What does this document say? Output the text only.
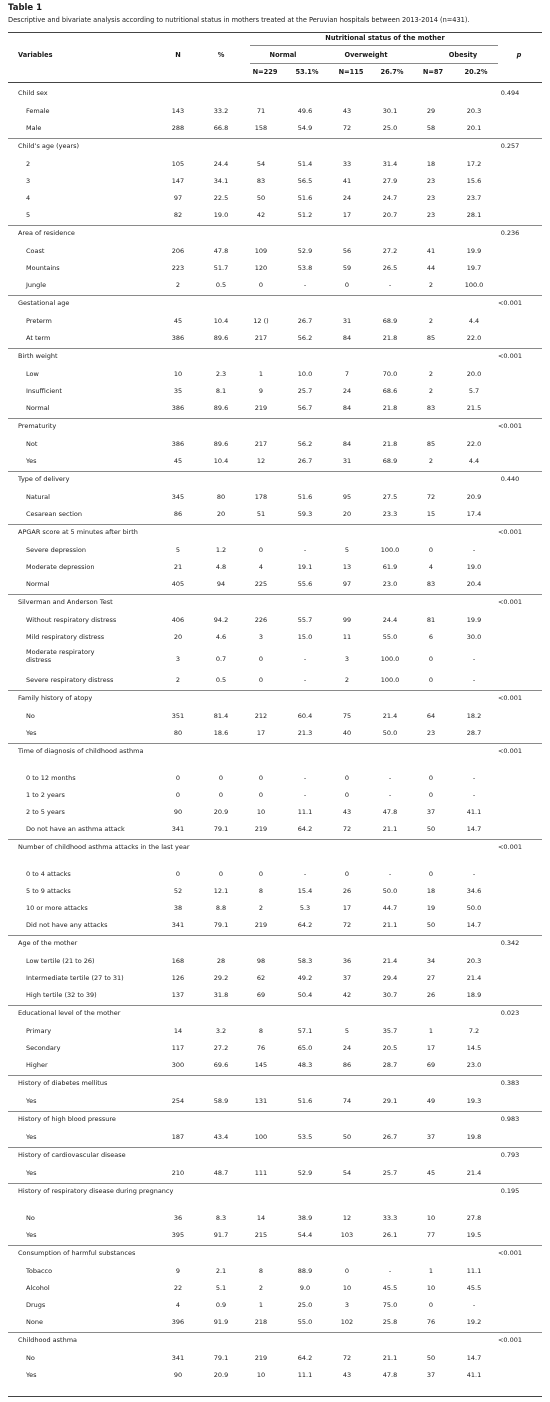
Table 1
Descriptive and bivariate analysis according to nutritional status in mothers treated at the Peruvian hospitals between 2013-2014 (n=431).
Nutritional status of the mother
Variables	N	%	p
Normal	Overweight	Obesity
N=229	53.1%	N=115	26.7%	N=87	20.2%
Child sex	0.494
Female	143	33.2	71	49.6	43	30.1	29	20.3
Male	288	66.8	158	54.9	72	25.0	58	20.1
Child’s age (years)	0.257
2	105	24.4	54	51.4	33	31.4	18	17.2
3	147	34.1	83	56.5	41	27.9	23	15.6
4	97	22.5	50	51.6	24	24.7	23	23.7
5	82	19.0	42	51.2	17	20.7	23	28.1
Area of residence	0.236
Coast	206	47.8	109	52.9	56	27.2	41	19.9
Mountains	223	51.7	120	53.8	59	26.5	44	19.7
Jungle	2	0.5	0	-	0	-	2	100.0
Gestational age	<0.001
Preterm	45	10.4	12 ()	26.7	31	68.9	2	4.4
At term	386	89.6	217	56.2	84	21.8	85	22.0
Birth weight	<0.001
Low	10	2.3	1	10.0	7	70.0	2	20.0
Insufficient	35	8.1	9	25.7	24	68.6	2	5.7
Normal	386	89.6	219	56.7	84	21.8	83	21.5
Prematurity	<0.001
Not	386	89.6	217	56.2	84	21.8	85	22.0
Yes	45	10.4	12	26.7	31	68.9	2	4.4
Type of delivery	0.440
Natural	345	80	178	51.6	95	27.5	72	20.9
Cesarean section	86	20	51	59.3	20	23.3	15	17.4
APGAR score at 5 minutes after birth	<0.001
Severe depression	5	1.2	0	-	5	100.0	0	-
Moderate depression	21	4.8	4	19.1	13	61.9	4	19.0
Normal	405	94	225	55.6	97	23.0	83	20.4
Silverman and Anderson Test	<0.001
Without respiratory distress	406	94.2	226	55.7	99	24.4	81	19.9
Mild respiratory distress	20	4.6	3	15.0	11	55.0	6	30.0
Moderate respiratory distress	3	0.7	0	-	3	100.0	0	-
Severe respiratory distress	2	0.5	0	-	2	100.0	0	-
Family history of atopy	<0.001
No	351	81.4	212	60.4	75	21.4	64	18.2
Yes	80	18.6	17	21.3	40	50.0	23	28.7
Time of diagnosis of childhood asthma	<0.001
0 to 12 months	0	0	0	-	0	-	0	-
1 to 2 years	0	0	0	-	0	-	0	-
2 to 5 years	90	20.9	10	11.1	43	47.8	37	41.1
Do not have an asthma attack	341	79.1	219	64.2	72	21.1	50	14.7
Number of childhood asthma attacks in the last year	<0.001
0 to 4 attacks	0	0	0	-	0	-	0	-
5 to 9 attacks	52	12.1	8	15.4	26	50.0	18	34.6
10 or more attacks	38	8.8	2	5.3	17	44.7	19	50.0
Did not have any attacks	341	79.1	219	64.2	72	21.1	50	14.7
Age of the mother	0.342
Low tertile (21 to 26)	168	28	98	58.3	36	21.4	34	20.3
Intermediate tertile (27 to 31)	126	29.2	62	49.2	37	29.4	27	21.4
High tertile (32 to 39)	137	31.8	69	50.4	42	30.7	26	18.9
Educational level of the mother	0.023
Primary	14	3.2	8	57.1	5	35.7	1	7.2
Secondary	117	27.2	76	65.0	24	20.5	17	14.5
Higher	300	69.6	145	48.3	86	28.7	69	23.0
History of diabetes mellitus	0.383
Yes	254	58.9	131	51.6	74	29.1	49	19.3
History of high blood pressure	0.983
Yes	187	43.4	100	53.5	50	26.7	37	19.8
History of cardiovascular disease	0.793
Yes	210	48.7	111	52.9	54	25.7	45	21.4
History of respiratory disease during pregnancy	0.195
No	36	8.3	14	38.9	12	33.3	10	27.8
Yes	395	91.7	215	54.4	103	26.1	77	19.5
Consumption of harmful substances	<0.001
Tobacco	9	2.1	8	88.9	0	-	1	11.1
Alcohol	22	5.1	2	9.0	10	45.5	10	45.5
Drugs	4	0.9	1	25.0	3	75.0	0	-
None	396	91.9	218	55.0	102	25.8	76	19.2
Childhood asthma	<0.001
No	341	79.1	219	64.2	72	21.1	50	14.7
Yes	90	20.9	10	11.1	43	47.8	37	41.1
